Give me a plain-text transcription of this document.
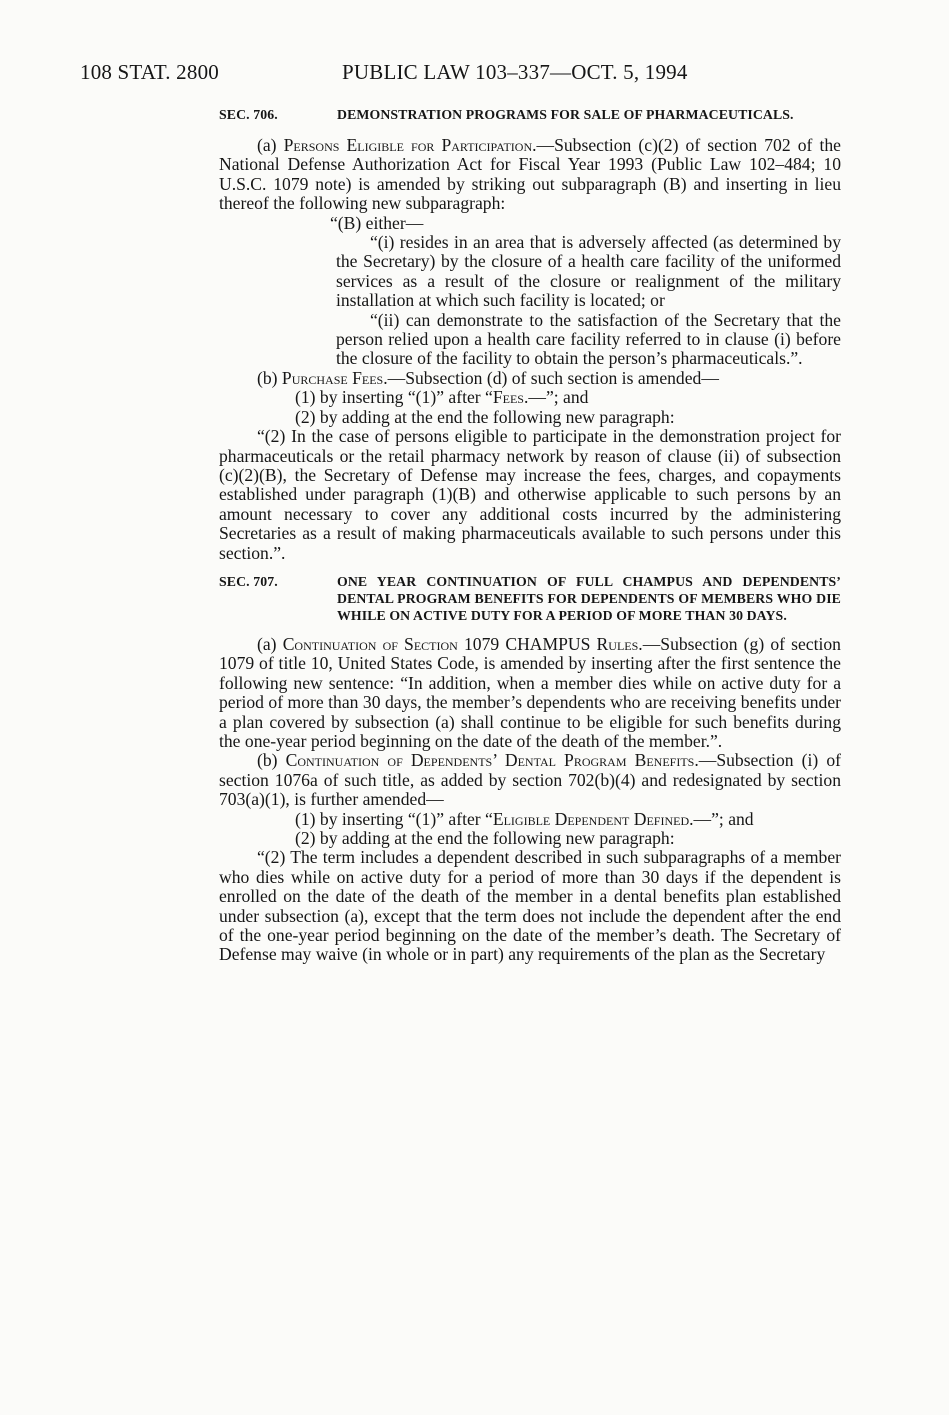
108 STAT. 2800	PUBLIC LAW 103–337—OCT. 5, 1994
SEC. 706.	DEMONSTRATION PROGRAMS FOR SALE OF PHARMACEUTICALS.

(a) Persons Eligible for Participation.—Subsection (c)(2) of section 702 of the National Defense Authorization Act for Fiscal Year 1993 (Public Law 102–484; 10 U.S.C. 1079 note) is amended by striking out subparagraph (B) and inserting in lieu thereof the following new subparagraph:

“(B) either—

“(i) resides in an area that is adversely affected (as determined by the Secretary) by the closure of a health care facility of the uniformed services as a result of the closure or realignment of the military installation at which such facility is located; or

“(ii) can demonstrate to the satisfaction of the Secretary that the person relied upon a health care facility referred to in clause (i) before the closure of the facility to obtain the person’s pharmaceuticals.”.

(b) Purchase Fees.—Subsection (d) of such section is amended—

(1) by inserting “(1)” after “Fees.—”; and

(2) by adding at the end the following new paragraph:

“(2) In the case of persons eligible to participate in the demonstration project for pharmaceuticals or the retail pharmacy network by reason of clause (ii) of subsection (c)(2)(B), the Secretary of Defense may increase the fees, charges, and copayments established under paragraph (1)(B) and otherwise applicable to such persons by an amount necessary to cover any additional costs incurred by the administering Secretaries as a result of making pharmaceuticals available to such persons under this section.”.

SEC. 707.	ONE YEAR CONTINUATION OF FULL CHAMPUS AND DEPENDENTS’ DENTAL PROGRAM BENEFITS FOR DEPENDENTS OF MEMBERS WHO DIE WHILE ON ACTIVE DUTY FOR A PERIOD OF MORE THAN 30 DAYS.

(a) Continuation of Section 1079 CHAMPUS Rules.—Subsection (g) of section 1079 of title 10, United States Code, is amended by inserting after the first sentence the following new sentence: “In addition, when a member dies while on active duty for a period of more than 30 days, the member’s dependents who are receiving benefits under a plan covered by subsection (a) shall continue to be eligible for such benefits during the one-year period beginning on the date of the death of the member.”.

(b) Continuation of Dependents’ Dental Program Benefits.—Subsection (i) of section 1076a of such title, as added by section 702(b)(4) and redesignated by section 703(a)(1), is further amended—

(1) by inserting “(1)” after “Eligible Dependent Defined.—”; and

(2) by adding at the end the following new paragraph:

“(2) The term includes a dependent described in such subparagraphs of a member who dies while on active duty for a period of more than 30 days if the dependent is enrolled on the date of the death of the member in a dental benefits plan established under subsection (a), except that the term does not include the dependent after the end of the one-year period beginning on the date of the member’s death. The Secretary of Defense may waive (in whole or in part) any requirements of the plan as the Secretary
